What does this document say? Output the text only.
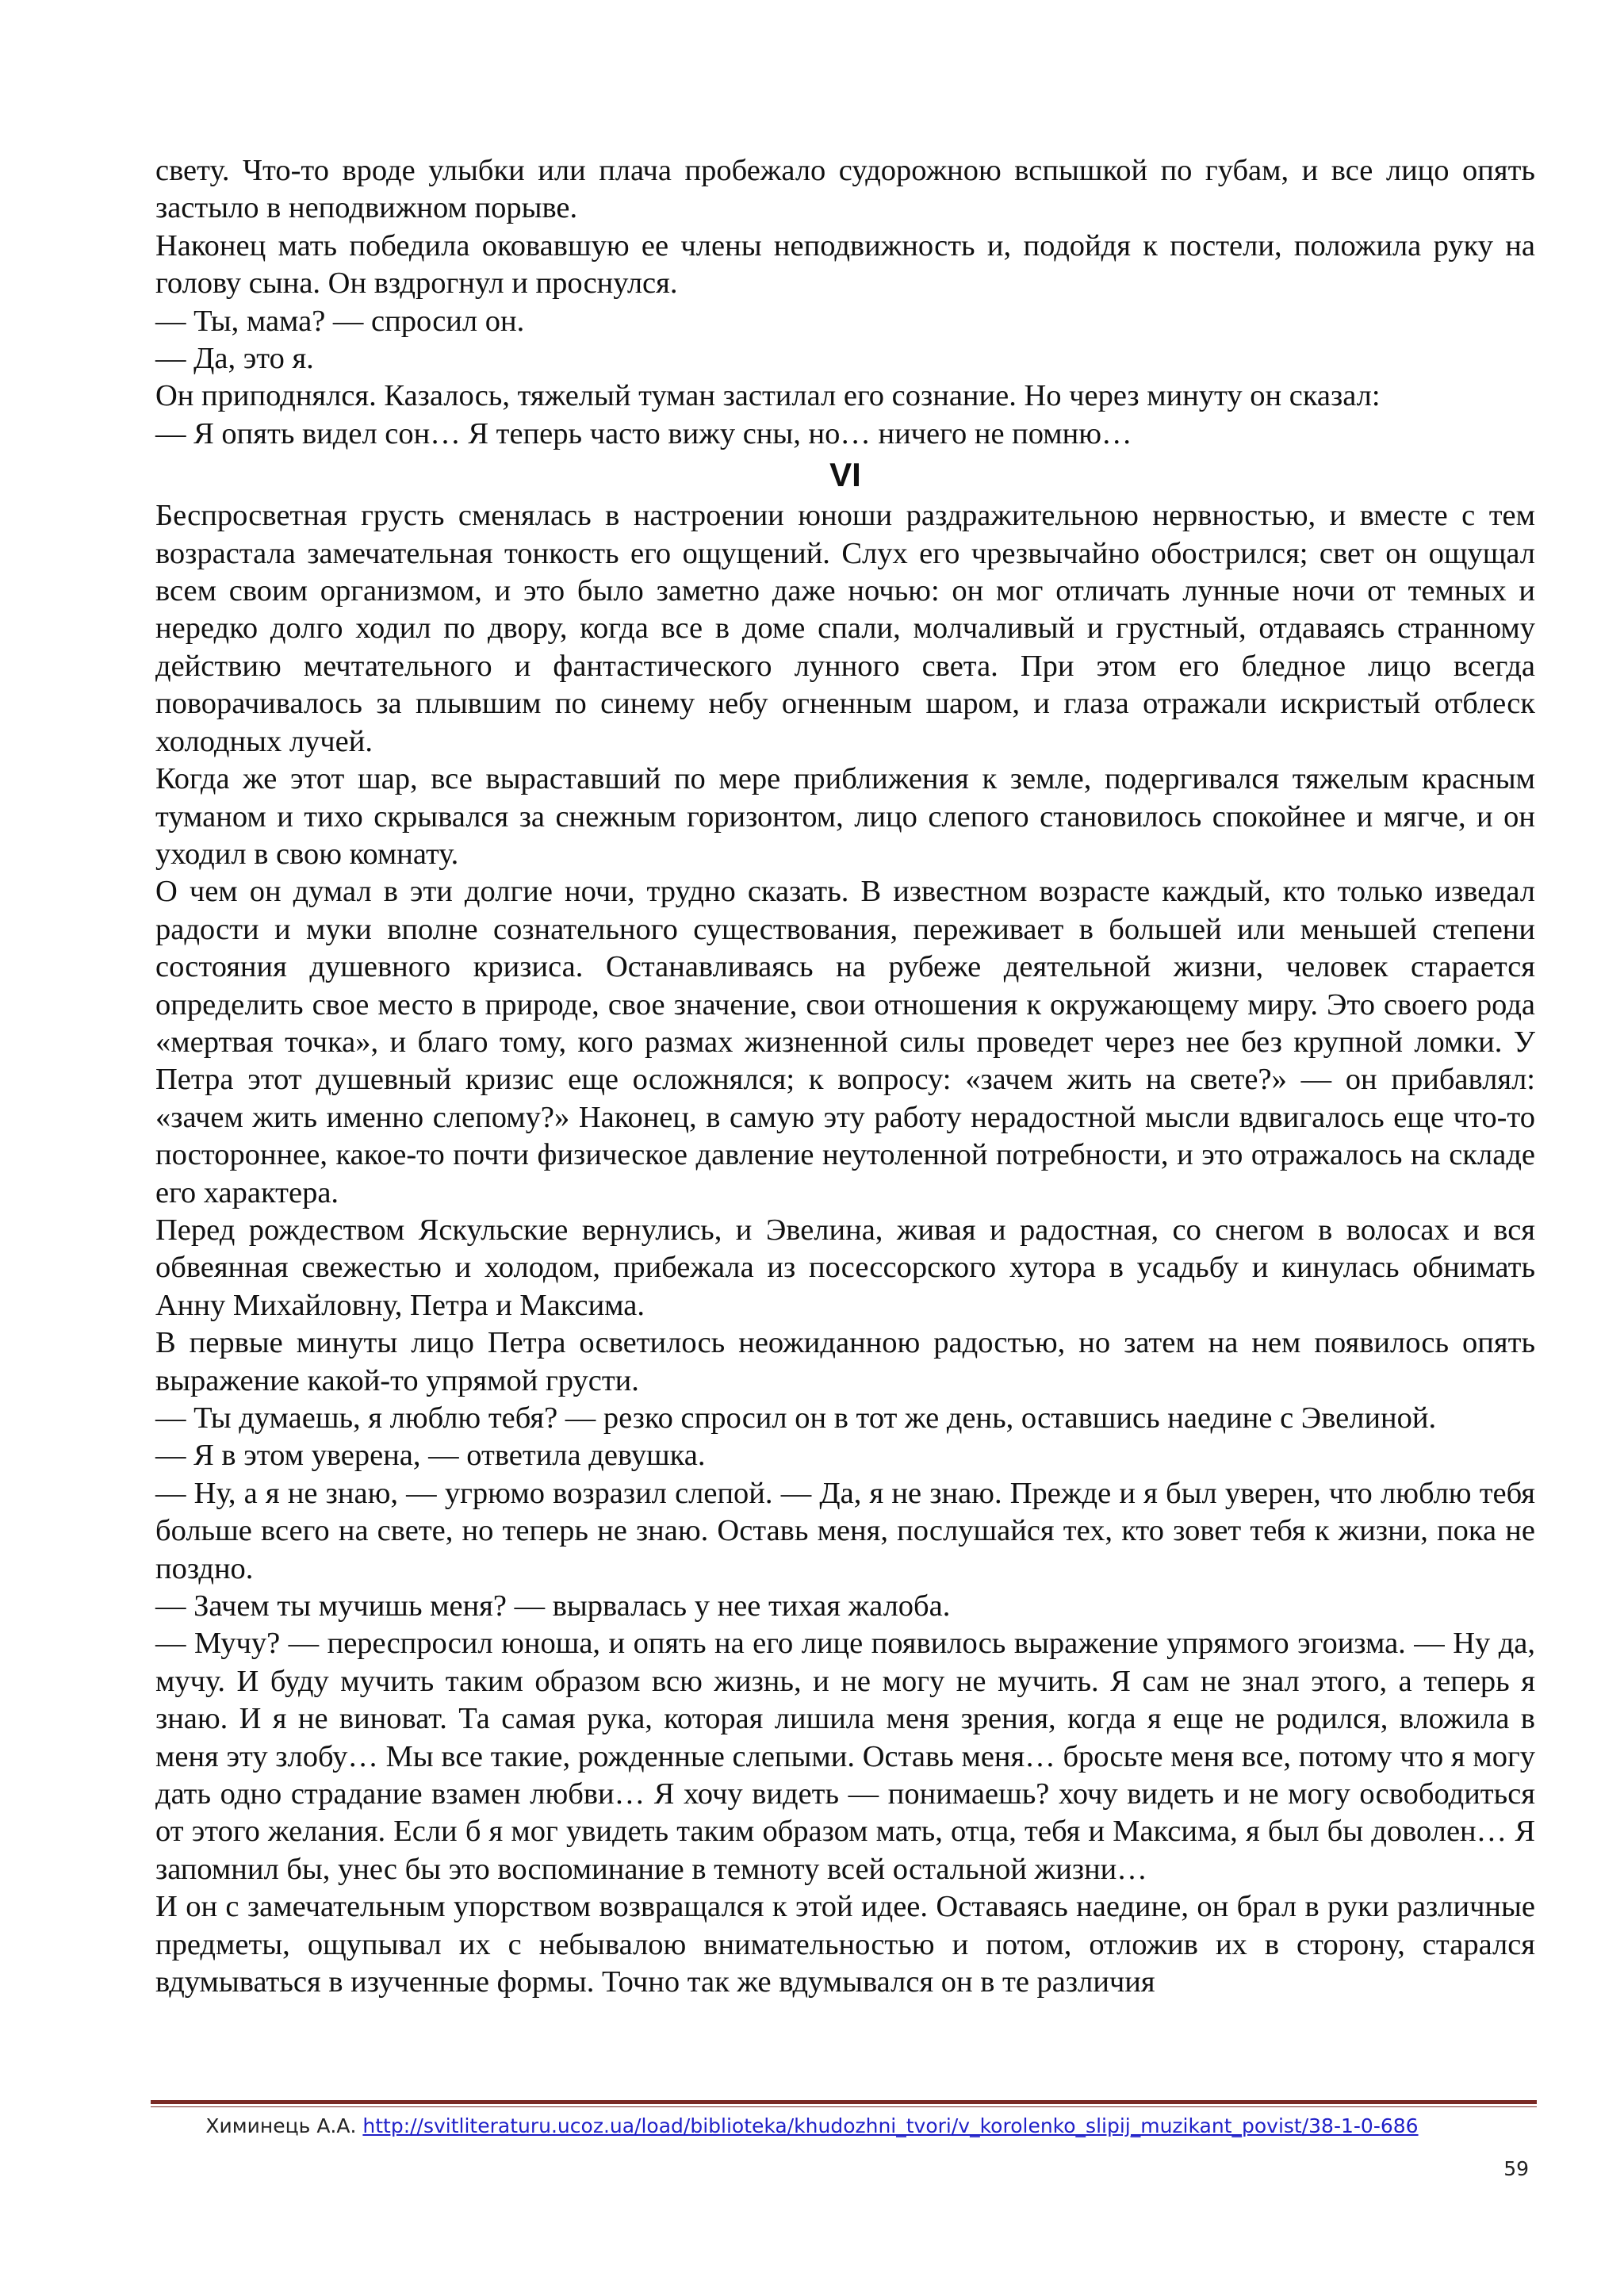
свету. Что-то вроде улыбки или плача пробежало судорожною вспышкой по губам, и все лицо опять застыло в неподвижном порыве.

Наконец мать победила оковавшую ее члены неподвижность и, подойдя к постели, положила руку на голову сына. Он вздрогнул и проснулся.

— Ты, мама? — спросил он.

— Да, это я.

Он приподнялся. Казалось, тяжелый туман застилал его сознание. Но через минуту он сказал:

— Я опять видел сон… Я теперь часто вижу сны, но… ничего не помню…

VI

Беспросветная грусть сменялась в настроении юноши раздражительною нервностью, и вместе с тем возрастала замечательная тонкость его ощущений. Слух его чрезвычайно обострился; свет он ощущал всем своим организмом, и это было заметно даже ночью: он мог отличать лунные ночи от темных и нередко долго ходил по двору, когда все в доме спали, молчаливый и грустный, отдаваясь странному действию мечтательного и фантастического лунного света. При этом его бледное лицо всегда поворачивалось за плывшим по синему небу огненным шаром, и глаза отражали искристый отблеск холодных лучей.

Когда же этот шар, все выраставший по мере приближения к земле, подергивался тяжелым красным туманом и тихо скрывался за снежным горизонтом, лицо слепого становилось спокойнее и мягче, и он уходил в свою комнату.

О чем он думал в эти долгие ночи, трудно сказать. В известном возрасте каждый, кто только изведал радости и муки вполне сознательного существования, переживает в большей или меньшей степени состояния душевного кризиса. Останавливаясь на рубеже деятельной жизни, человек старается определить свое место в природе, свое значение, свои отношения к окружающему миру. Это своего рода «мертвая точка», и благо тому, кого размах жизненной силы проведет через нее без крупной ломки. У Петра этот душевный кризис еще осложнялся; к вопросу: «зачем жить на свете?» — он прибавлял: «зачем жить именно слепому?» Наконец, в самую эту работу нерадостной мысли вдвигалось еще что-то постороннее, какое-то почти физическое давление неутоленной потребности, и это отражалось на складе его характера.

Перед рождеством Яскульские вернулись, и Эвелина, живая и радостная, со снегом в волосах и вся обвеянная свежестью и холодом, прибежала из посессорского хутора в усадьбу и кинулась обнимать Анну Михайловну, Петра и Максима.

В первые минуты лицо Петра осветилось неожиданною радостью, но затем на нем появилось опять выражение какой-то упрямой грусти.

— Ты думаешь, я люблю тебя? — резко спросил он в тот же день, оставшись наедине с Эвелиной.

— Я в этом уверена, — ответила девушка.

— Ну, а я не знаю, — угрюмо возразил слепой. — Да, я не знаю. Прежде и я был уверен, что люблю тебя больше всего на свете, но теперь не знаю. Оставь меня, послушайся тех, кто зовет тебя к жизни, пока не поздно.

— Зачем ты мучишь меня? — вырвалась у нее тихая жалоба.

— Мучу? — переспросил юноша, и опять на его лице появилось выражение упрямого эгоизма. — Ну да, мучу. И буду мучить таким образом всю жизнь, и не могу не мучить. Я сам не знал этого, а теперь я знаю. И я не виноват. Та самая рука, которая лишила меня зрения, когда я еще не родился, вложила в меня эту злобу… Мы все такие, рожденные слепыми. Оставь меня… бросьте меня все, потому что я могу дать одно страдание взамен любви… Я хочу видеть — понимаешь? хочу видеть и не могу освободиться от этого желания. Если б я мог увидеть таким образом мать, отца, тебя и Максима, я был бы доволен… Я запомнил бы, унес бы это воспоминание в темноту всей остальной жизни…

И он с замечательным упорством возвращался к этой идее. Оставаясь наедине, он брал в руки различные предметы, ощупывал их с небывалою внимательностью и потом, отложив их в сторону, старался вдумываться в изученные формы. Точно так же вдумывался он в те различия

Химинець А.А. http://svitliteraturu.ucoz.ua/load/biblioteka/khudozhni_tvori/v_korolenko_slipij_muzikant_povist/38-1-0-686
59
